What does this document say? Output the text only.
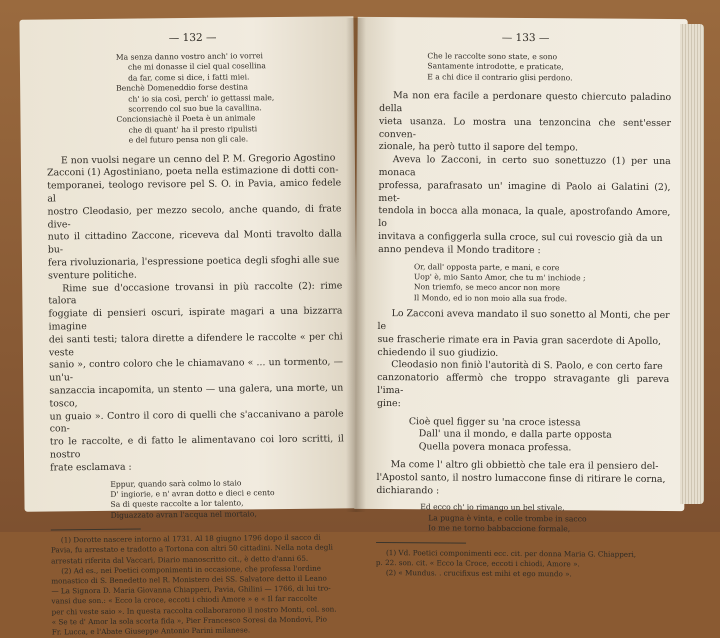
— 132 —

Ma senza danno vostro anch' io vorrei

che mi donasse il ciel qual cosellina

da far, come si dice, i fatti miei.

Benchè Domeneddio forse destina

ch' io sia così, perch' io gettassi male,

scorrendo col suo bue la cavallina.

Concionsiachè il Poeta è un animale

che di quant' ha il presto ripulisti

e del futuro pensa non gli cale.

E non vuolsi negare un cenno del P. M. Gregorio Agostino

Zacconi (1) Agostiniano, poeta nella estimazione di dotti con-

temporanei, teologo revisore pel S. O. in Pavia, amico fedele al

nostro Cleodasio, per mezzo secolo, anche quando, di frate dive-

nuto il cittadino Zaccone, riceveva dal Monti travolto dalla bu-

fera rivoluzionaria, l'espressione poetica degli sfoghi alle sue

sventure politiche.

Rime sue d'occasione trovansi in più raccolte (2): rime talora

foggiate di pensieri oscuri, ispirate magari a una bizzarra imagine

dei santi testi; talora dirette a difendere le raccolte « per chi veste

sanio », contro coloro che le chiamavano « ... un tormento, — un'u-

sanzaccia incapomita, un stento — una galera, una morte, un tosco,

un guaio ». Contro il coro di quelli che s'accanivano a parole con-

tro le raccolte, e di fatto le alimentavano coi loro scritti, il nostro

frate esclamava :

Eppur, quando sarà colmo lo staio

D' ingiorie, e n' avran dotto e dieci e cento

Sa di queste raccolte a lor talento,

Diguazzato avran l'acqua nel mortaio,

(1) Dorotte nascere intorno al 1731. Al 18 giugno 1796 dopo il sacco di

Pavia, fu arrestato e tradotto a Tortona con altri 50 cittadini. Nella nota degli

arrestati riferita dal Vaccari, Diario manoscritto cit., è detto d'anni 65.

(2) Ad es., nei Poetici componimenti in occasione, che professa l'ordine

monastico di S. Benedetto nel R. Monistero dei SS. Salvatore detto il Leano

— La Signora D. Maria Giovanna Chiapperi, Pavia, Ghilini — 1766, di lui tro-

vansi due son.: « Ecco la croce, eccoti i chiodi Amore » e « Il far raccolte

per chi veste saio ». In questa raccolta collaborarono il nostro Monti, col. son.

« Se te d' Amor la sola scorta fida », Pier Francesco Soresi da Mondovì, Pio

Fr. Lucca, e l'Abate Giuseppe Antonio Parini milanese.

— 133 —

Che le raccolte sono state, e sono

Santamente introdotte, e praticate,

E a chi dice il contrario glisi perdono.

Ma non era facile a perdonare questo chiercuto paladino della

vieta usanza. Lo mostra una tenzoncina che sent'esser conven-

zionale, ha però tutto il sapore del tempo.

Aveva lo Zacconi, in certo suo sonettuzzo (1) per una monaca

professa, parafrasato un' imagine di Paolo ai Galatini (2), met-

tendola in bocca alla monaca, la quale, apostrofando Amore, lo

invitava a configgerla sulla croce, sul cui rovescio già da un

anno pendeva il Mondo traditore :

Or, dall' opposta parte, e mani, e core

Uop' è, mio Santo Amor, che tu m' inchiode ;

Non triemfo, se meco ancor non more

Il Mondo, ed io non moio alla sua frode.

Lo Zacconi aveva mandato il suo sonetto al Monti, che per le

sue frascherie rimate era in Pavia gran sacerdote di Apollo,

chiedendo il suo giudizio.

Cleodasio non finiò l'autorità di S. Paolo, e con certo fare

canzonatorio affermò che troppo stravagante gli pareva l'ima-

gine:

Cioè quel figger su 'na croce istessa

Dall' una il mondo, e dalla parte opposta

Quella povera monaca professa.

Ma come l' altro gli obbiettò che tale era il pensiero del-

l'Apostol santo, il nostro lumaccone finse di ritirare le corna,

dichiarando :

Ed ecco ch' io rimango un bel stivale,

La pugna è vinta, e colle trombe in sacco

Io me ne torno babbaccione formale,

(1) Vd. Poetici componimenti ecc. cit. per donna Maria G. Chiapperi,

p. 22. son. cit. « Ecco la Croce, eccoti i chiodi, Amore ».

(2) « Mundus. . crucifixus est mihi et ego mundo ».
